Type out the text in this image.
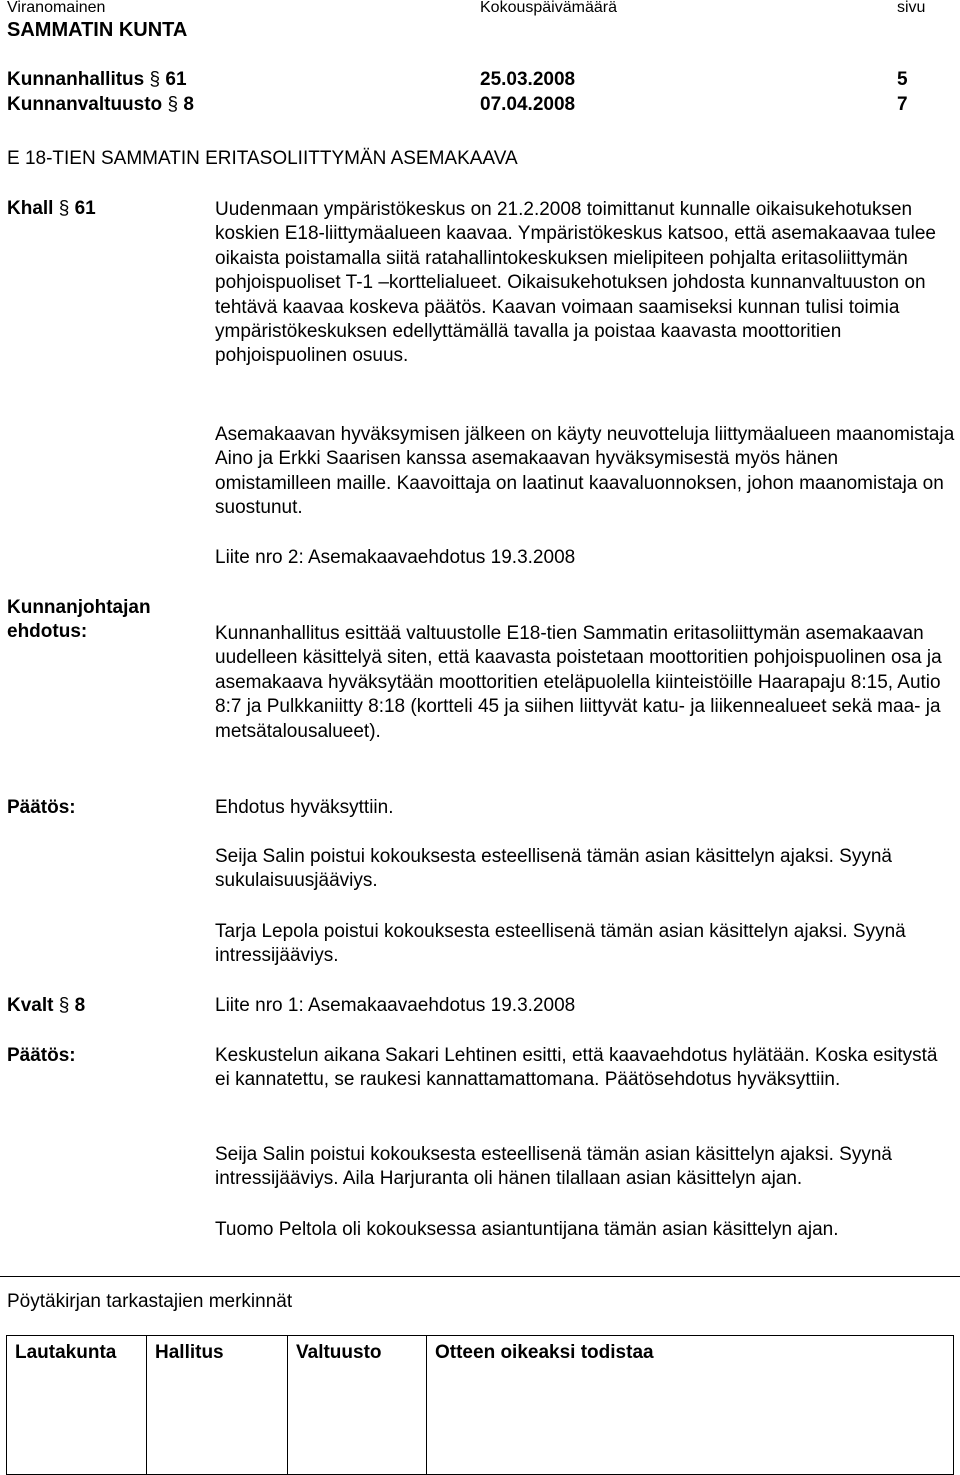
Viranomainen	Kokouspäivämäärä	sivu
SAMMATIN KUNTA
Kunnanhallitus § 61	25.03.2008	5
Kunnanvaltuusto § 8	07.04.2008	7
E 18-TIEN SAMMATIN ERITASOLIITTYMÄN ASEMAKAAVA
Khall § 61	Uudenmaan ympäristökeskus on 21.2.2008 toimittanut kunnalle oikaisukehotuksen koskien E18-liittymäalueen kaavaa. Ympäristökeskus katsoo, että asemakaavaa tulee oikaista poistamalla siitä ratahallintokeskuksen mielipiteen pohjalta eritasoliittymän pohjoispuoliset T-1 –korttelialueet. Oikaisukehotuksen johdosta kunnanvaltuuston on tehtävä kaavaa koskeva päätös. Kaavan voimaan saamiseksi kunnan tulisi toimia ympäristökeskuksen edellyttämällä tavalla ja poistaa kaavasta moottoritien pohjoispuolinen osuus.

Asemakaavan hyväksymisen jälkeen on käyty neuvotteluja liittymäalueen maanomistaja Aino ja Erkki Saarisen kanssa asemakaavan hyväksymisestä myös hänen omistamilleen maille. Kaavoittaja on laatinut kaavaluonnoksen, johon maanomistaja on suostunut.

Liite nro 2: Asemakaavaehdotus 19.3.2008

Kunnanjohtajan
ehdotus:	Kunnanhallitus esittää valtuustolle E18-tien Sammatin eritasoliittymän asemakaavan uudelleen käsittelyä siten, että kaavasta poistetaan moottoritien pohjoispuolinen osa ja asemakaava hyväksytään moottoritien eteläpuolella kiinteistöille Haarapaju 8:15, Autio 8:7 ja Pulkkaniitty 8:18 (kortteli 45 ja siihen liittyvät katu- ja liikennealueet sekä maa- ja metsätalousalueet).

Päätös:	Ehdotus hyväksyttiin.

Seija Salin poistui kokouksesta esteellisenä tämän asian käsittelyn ajaksi. Syynä sukulaisuusjääviys.

Tarja Lepola poistui kokouksesta esteellisenä tämän asian käsittelyn ajaksi. Syynä intressijääviys.

Kvalt § 8	Liite nro 1: Asemakaavaehdotus 19.3.2008

Päätös:	Keskustelun aikana Sakari Lehtinen esitti, että kaavaehdotus hylätään. Koska esitystä ei kannatettu, se raukesi kannattamattomana. Päätösehdotus hyväksyttiin.

Seija Salin poistui kokouksesta esteellisenä tämän asian käsittelyn ajaksi. Syynä intressijääviys. Aila Harjuranta oli hänen tilallaan asian käsittelyn ajan.

Tuomo Peltola oli kokouksessa asiantuntijana tämän asian käsittelyn ajan.

Pöytäkirjan tarkastajien merkinnät
Lautakunta	Hallitus	Valtuusto	Otteen oikeaksi todistaa
